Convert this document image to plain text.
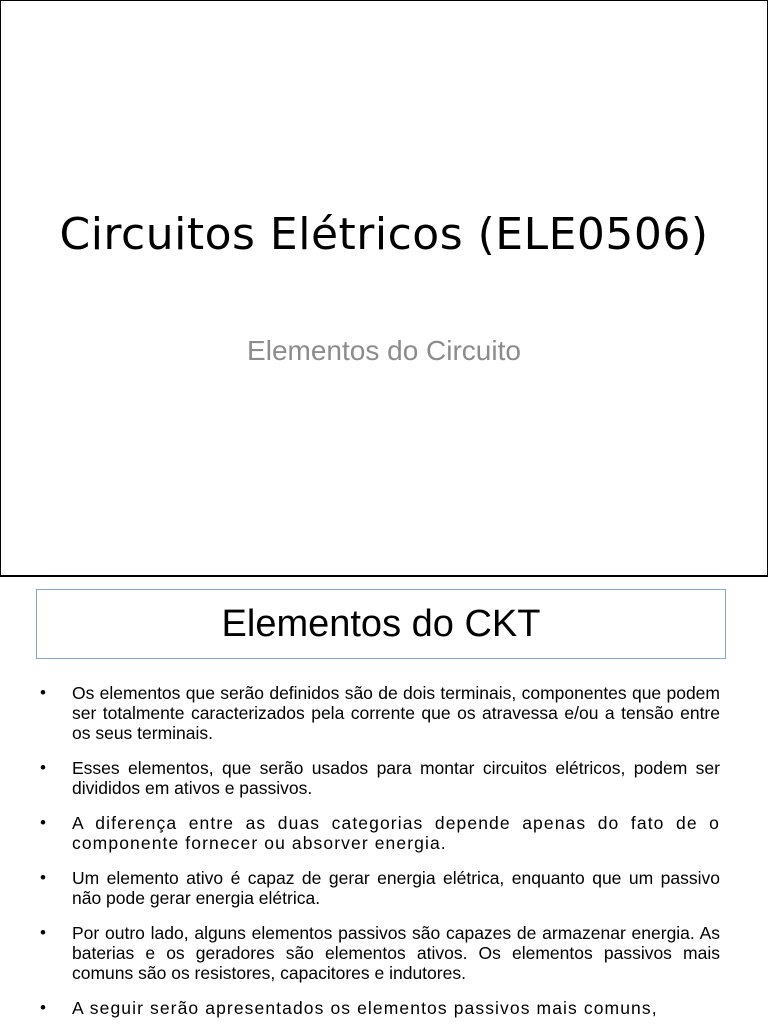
Circuitos Elétricos (ELE0506)
Elementos do Circuito
Elementos do CKT
• Os elementos que serão definidos são de dois terminais, componentes que podem ser totalmente caracterizados pela corrente que os atravessa e/ou a tensão entre os seus terminais.
• Esses elementos, que serão usados para montar circuitos elétricos, podem ser divididos em ativos e passivos.
• A diferença entre as duas categorias depende apenas do fato de o componente fornecer ou absorver energia.
• Um elemento ativo é capaz de gerar energia elétrica, enquanto que um passivo não pode gerar energia elétrica.
• Por outro lado, alguns elementos passivos são capazes de armazenar energia. As baterias e os geradores são elementos ativos. Os elementos passivos mais comuns são os resistores, capacitores e indutores.
• A seguir serão apresentados os elementos passivos mais comuns,
